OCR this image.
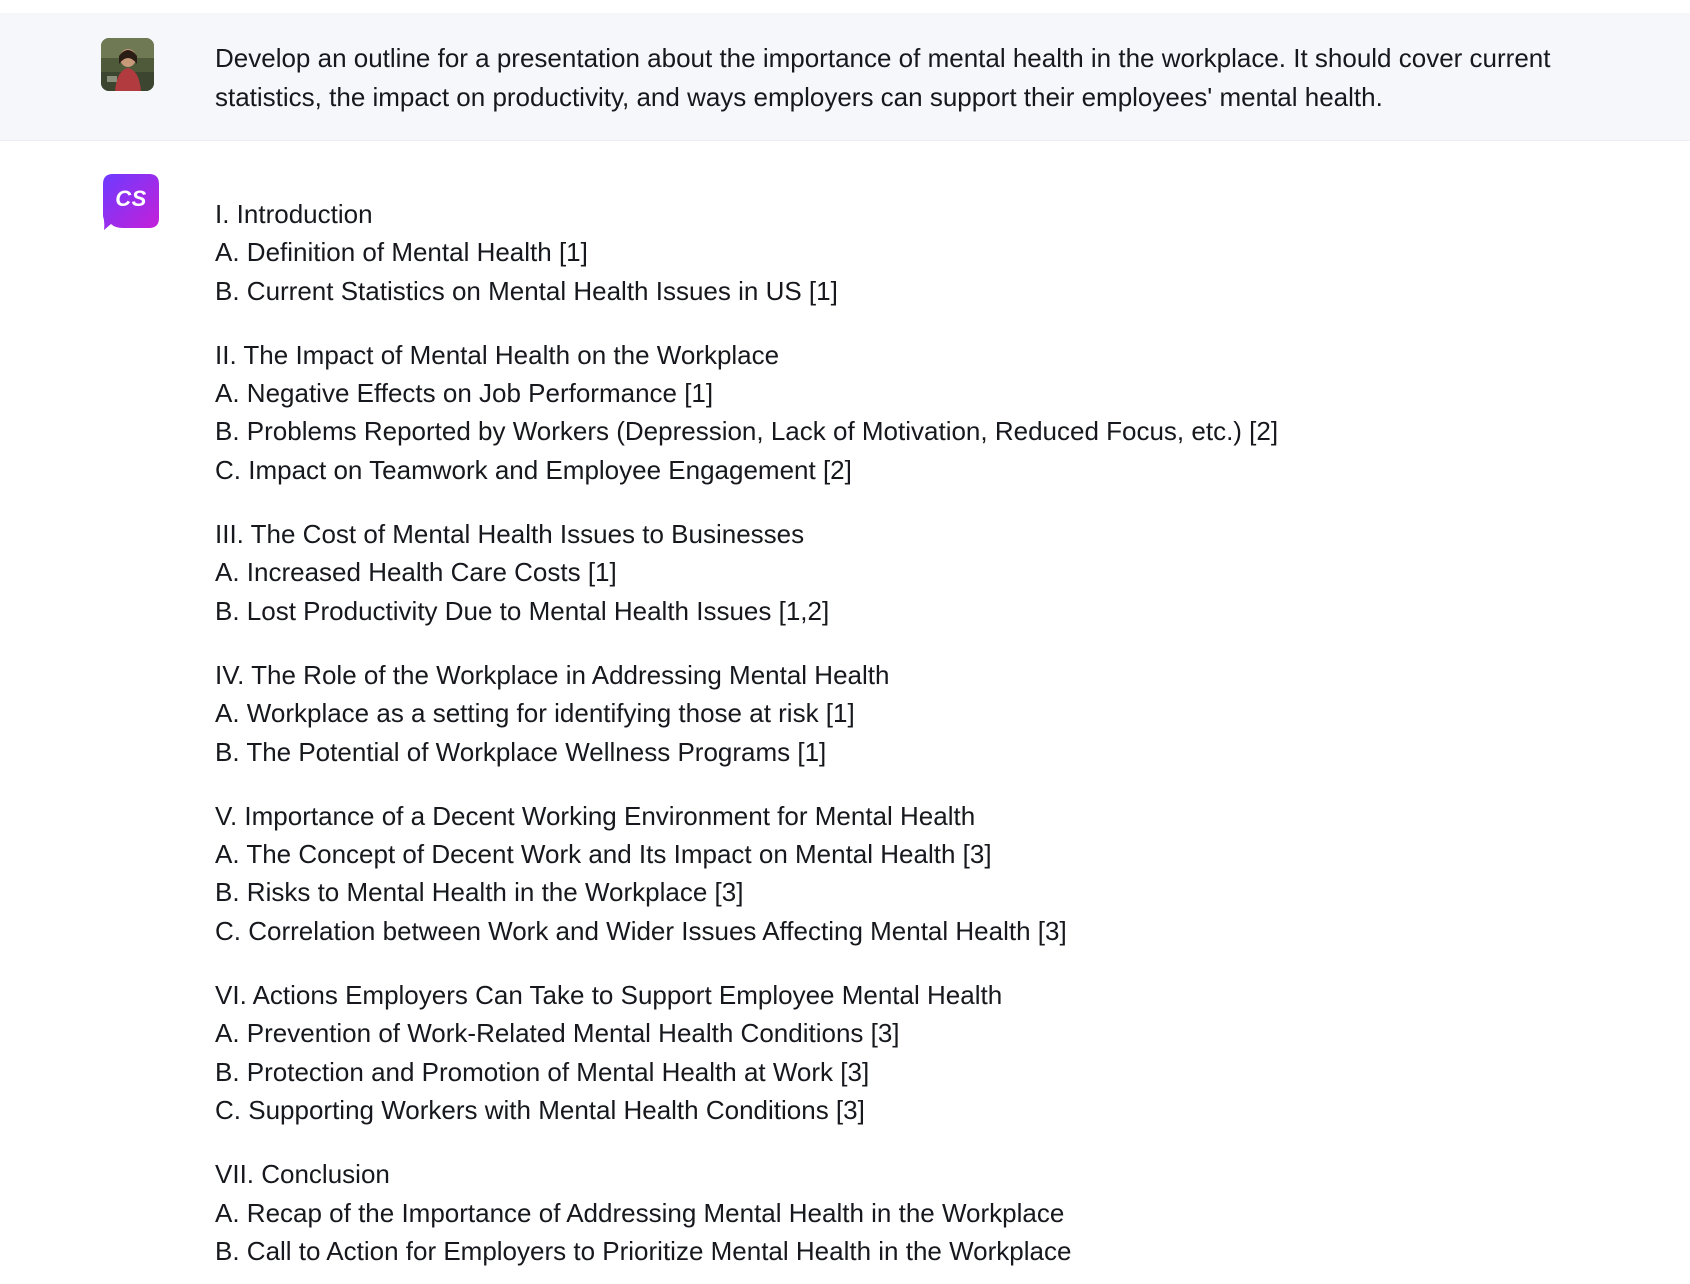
Develop an outline for a presentation about the importance of mental health in the workplace. It should cover current statistics, the impact on productivity, and ways employers can support their employees' mental health.
CS
I. Introduction
A. Definition of Mental Health [1]
B. Current Statistics on Mental Health Issues in US [1]
II. The Impact of Mental Health on the Workplace
A. Negative Effects on Job Performance [1]
B. Problems Reported by Workers (Depression, Lack of Motivation, Reduced Focus, etc.) [2]
C. Impact on Teamwork and Employee Engagement [2]
III. The Cost of Mental Health Issues to Businesses
A. Increased Health Care Costs [1]
B. Lost Productivity Due to Mental Health Issues [1,2]
IV. The Role of the Workplace in Addressing Mental Health
A. Workplace as a setting for identifying those at risk [1]
B. The Potential of Workplace Wellness Programs [1]
V. Importance of a Decent Working Environment for Mental Health
A. The Concept of Decent Work and Its Impact on Mental Health [3]
B. Risks to Mental Health in the Workplace [3]
C. Correlation between Work and Wider Issues Affecting Mental Health [3]
VI. Actions Employers Can Take to Support Employee Mental Health
A. Prevention of Work-Related Mental Health Conditions [3]
B. Protection and Promotion of Mental Health at Work [3]
C. Supporting Workers with Mental Health Conditions [3]
VII. Conclusion
A. Recap of the Importance of Addressing Mental Health in the Workplace
B. Call to Action for Employers to Prioritize Mental Health in the Workplace
